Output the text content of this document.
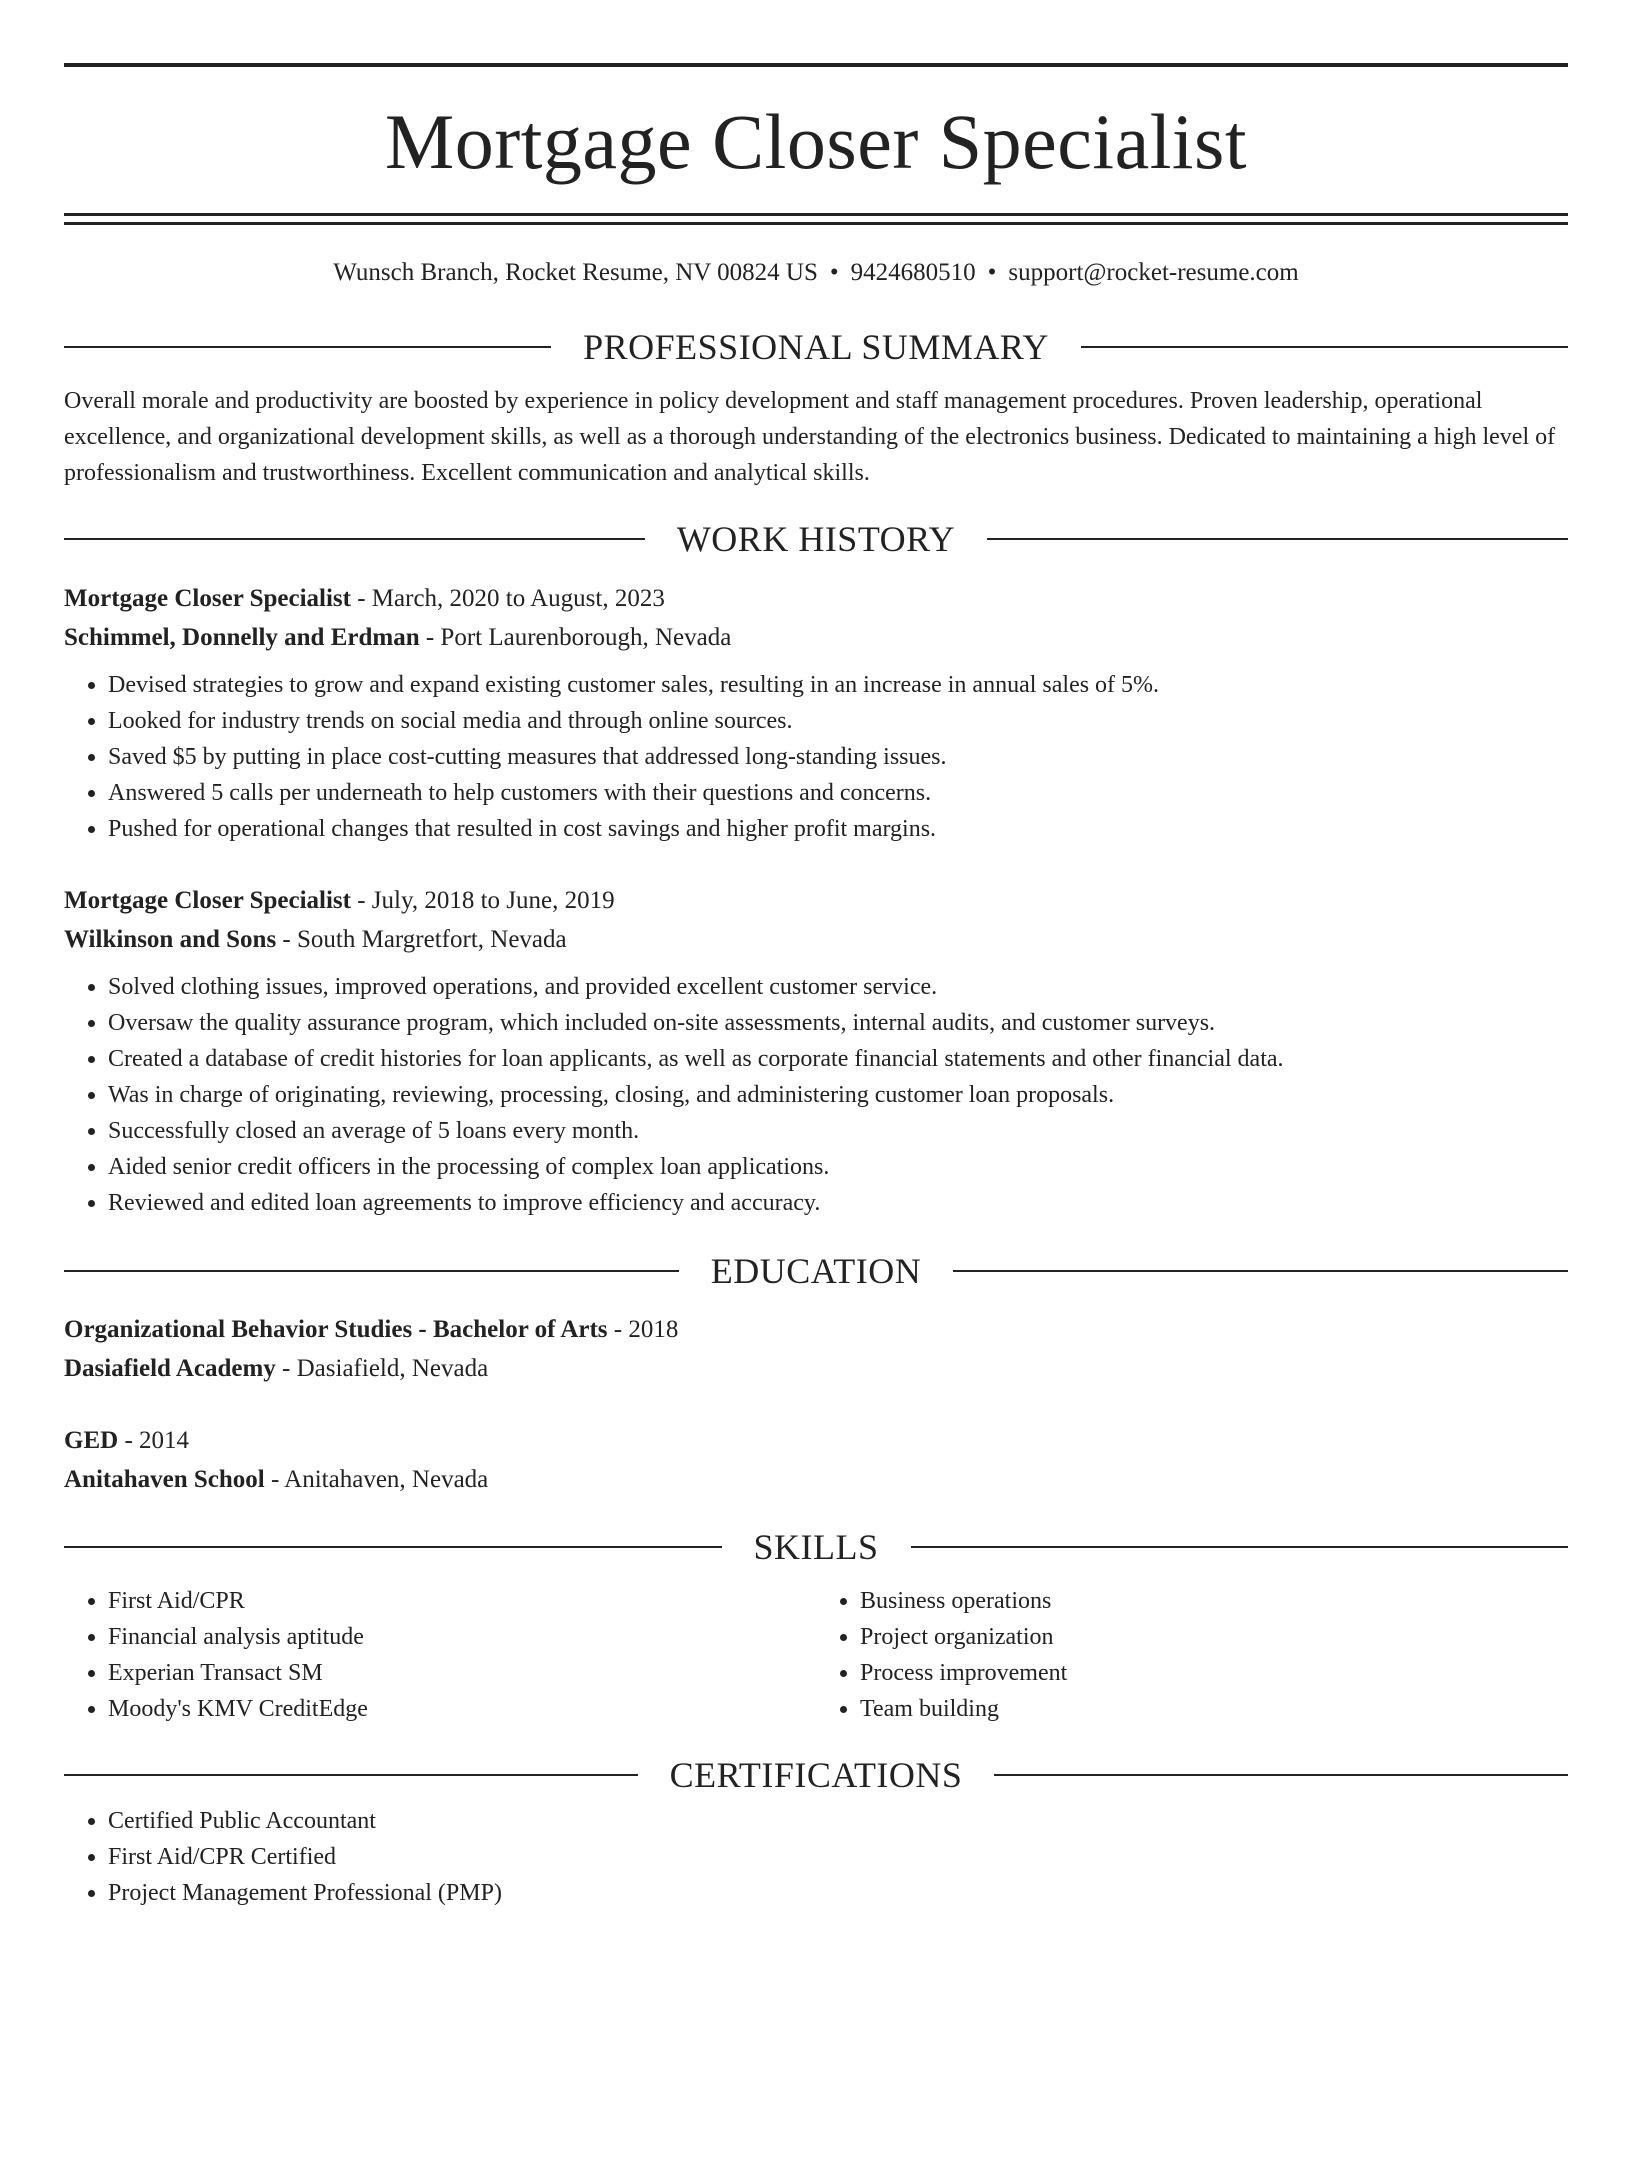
Mortgage Closer Specialist
Wunsch Branch, Rocket Resume, NV 00824 US • 9424680510 • support@rocket-resume.com
PROFESSIONAL SUMMARY
Overall morale and productivity are boosted by experience in policy development and staff management procedures. Proven leadership, operational excellence, and organizational development skills, as well as a thorough understanding of the electronics business. Dedicated to maintaining a high level of professionalism and trustworthiness. Excellent communication and analytical skills.
WORK HISTORY
Mortgage Closer Specialist - March, 2020 to August, 2023
Schimmel, Donnelly and Erdman - Port Laurenborough, Nevada
• Devised strategies to grow and expand existing customer sales, resulting in an increase in annual sales of 5%.
• Looked for industry trends on social media and through online sources.
• Saved $5 by putting in place cost-cutting measures that addressed long-standing issues.
• Answered 5 calls per underneath to help customers with their questions and concerns.
• Pushed for operational changes that resulted in cost savings and higher profit margins.
Mortgage Closer Specialist - July, 2018 to June, 2019
Wilkinson and Sons - South Margretfort, Nevada
• Solved clothing issues, improved operations, and provided excellent customer service.
• Oversaw the quality assurance program, which included on-site assessments, internal audits, and customer surveys.
• Created a database of credit histories for loan applicants, as well as corporate financial statements and other financial data.
• Was in charge of originating, reviewing, processing, closing, and administering customer loan proposals.
• Successfully closed an average of 5 loans every month.
• Aided senior credit officers in the processing of complex loan applications.
• Reviewed and edited loan agreements to improve efficiency and accuracy.
EDUCATION
Organizational Behavior Studies - Bachelor of Arts - 2018
Dasiafield Academy - Dasiafield, Nevada
GED - 2014
Anitahaven School - Anitahaven, Nevada
SKILLS
• First Aid/CPR
• Financial analysis aptitude
• Experian Transact SM
• Moody's KMV CreditEdge
• Business operations
• Project organization
• Process improvement
• Team building
CERTIFICATIONS
• Certified Public Accountant
• First Aid/CPR Certified
• Project Management Professional (PMP)
